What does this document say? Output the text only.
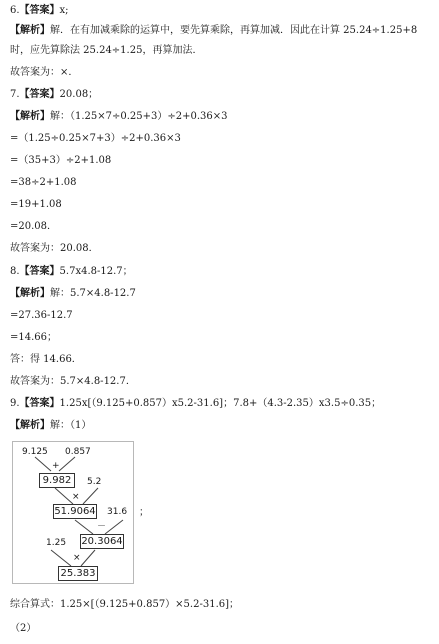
6.【答案】x;
【解析】解．在有加减乘除的运算中，要先算乘除，再算加减．因此在计算 25.24÷1.25+8
时，应先算除法 25.24÷1.25，再算加法．
故答案为：×．
7.【答案】20.08；
【解析】解：（1.25×7÷0.25+3）÷2+0.36×3
=（1.25÷0.25×7+3）÷2+0.36×3
=（35+3）÷2+1.08
=38÷2+1.08
=19+1.08
=20.08．
故答案为：20.08．
8.【答案】5.7x4.8-12.7；
【解析】解：5.7×4.8-12.7
=27.36-12.7
=14.66；
答：得 14.66．
故答案为：5.7×4.8-12.7．
9.【答案】1.25x[（9.125+0.857）x5.2-31.6]；7.8+（4.3-2.35）x3.5÷0.35；
【解析】解：（1）
9.125 0.857
+
9.982	5.2
×
51.9064 31.6
－
20.3064
1.25
×
25.383
；
综合算式：1.25×[（9.125+0.857）×5.2-31.6]；
（2）
